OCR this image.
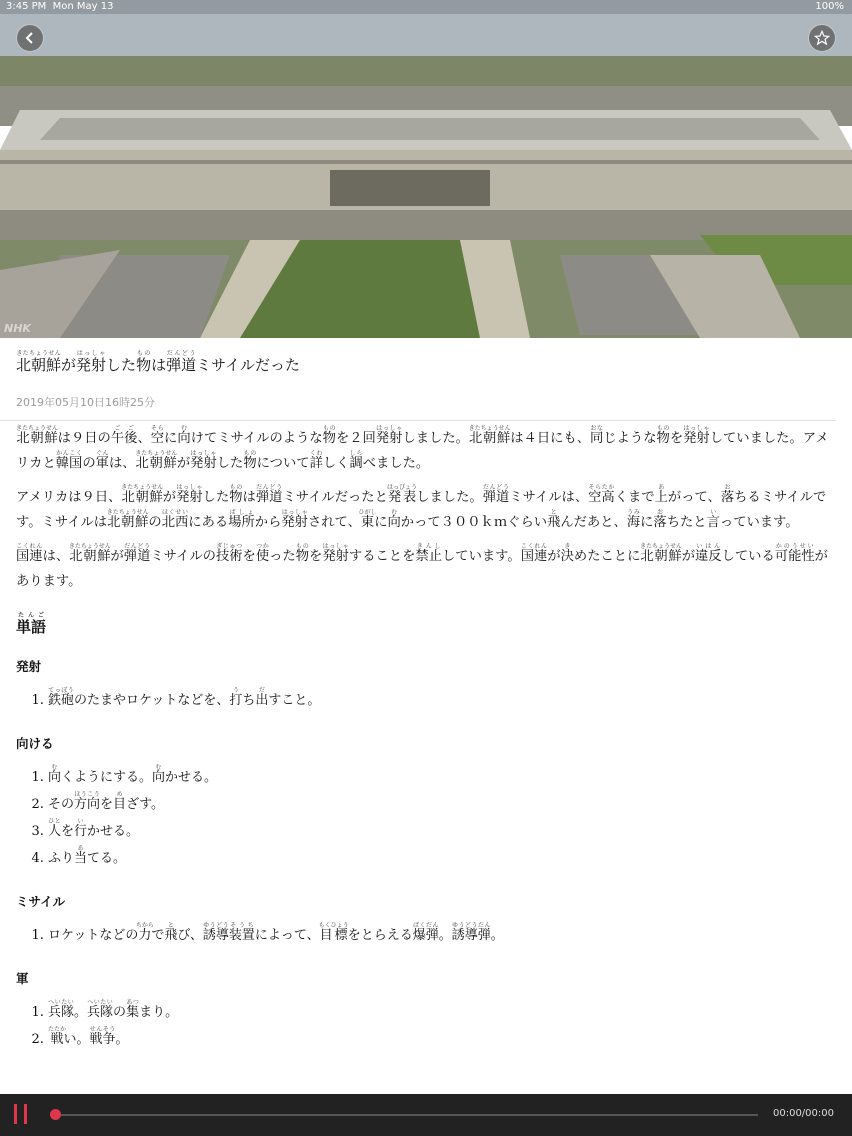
3:45 PM Mon May 13	100%
NHK
北朝鮮きたちょうせんが発射はっしゃした物ものは弾道だんどうミサイルだった
2019年05月10日16時25分

北朝鮮きたちょうせんは９日の午後ごご、空そらに向むけてミサイルのような物ものを２回発射はっしゃしました。北朝鮮きたちょうせんは４日にも、同おなじような物ものを発射はっしゃしていました。アメリカと韓国かんこくの軍ぐんは、北朝鮮きたちょうせんが発射はっしゃした物ものについて詳くわしく調しらべました。

アメリカは９日、北朝鮮きたちょうせんが発射はっしゃした物ものは弾道だんどうミサイルだったと発表はっぴょうしました。弾道だんどうミサイルは、空高そらたかくまで上あがって、落おちるミサイルです。ミサイルは北朝鮮きたちょうせんの北西ほくせいにある場所ばしょから発射はっしゃされて、東ひがしに向むかって３００ｋｍぐらい飛とんだあと、海うみに落おちたと言いっています。

国連こくれんは、北朝鮮きたちょうせんが弾道だんどうミサイルの技術ぎじゅつを使つかった物ものを発射はっしゃすることを禁止きんししています。国連こくれんが決きめたことに北朝鮮きたちょうせんが違反いはんしている可能性かのうせいがあります。

単語たんご
発射
1. 鉄砲てっぽうのたまやロケットなどを、打うち出だすこと。
向ける
1. 向むくようにする。向むかせる。
2. その方向ほうこうを目めざす。
3. 人ひとを行いかせる。
4. ふり当あてる。
ミサイル
1. ロケットなどの力ちからで飛とび、誘導ゆうどう装置そうちによって、目標もくひょうをとらえる爆弾ばくだん。誘導弾ゆうどうだん。
軍
1. 兵隊へいたい。兵隊へいたいの集あつまり。
2. 戦たたかい。戦争せんそう。
00:00/00:00
